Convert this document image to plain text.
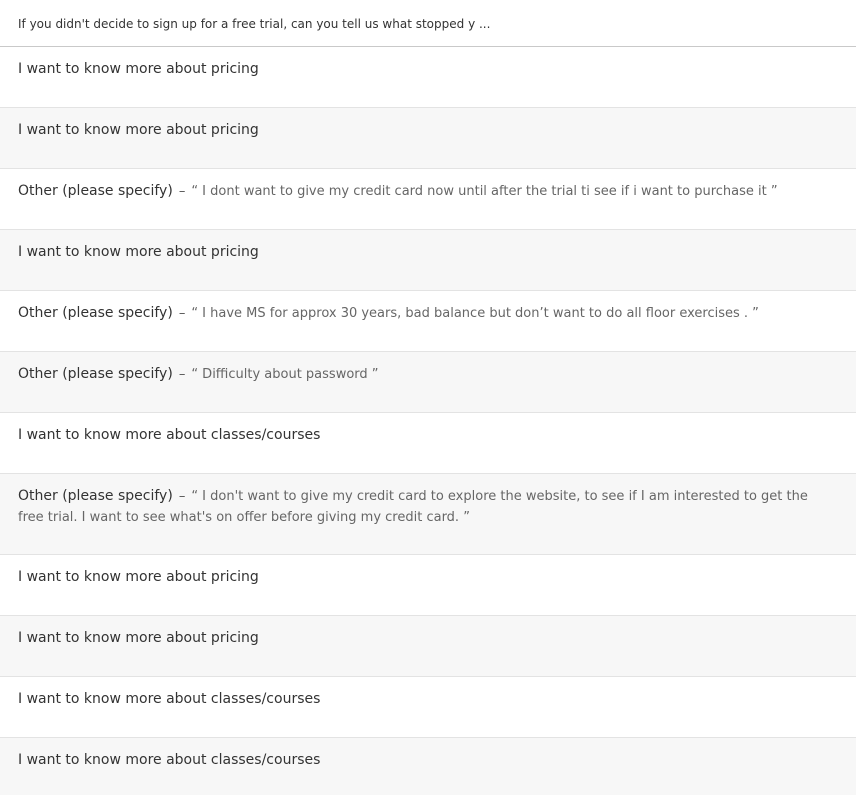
If you didn't decide to sign up for a free trial, can you tell us what stopped y ...
I want to know more about pricing
I want to know more about pricing
Other (please specify) – “ I dont want to give my credit card now until after the trial ti see if i want to purchase it ”
I want to know more about pricing
Other (please specify) – “ I have MS for approx 30 years, bad balance but don’t want to do all floor exercises . ”
Other (please specify) – “ Difficulty about password ”
I want to know more about classes/courses
Other (please specify) – “ I don't want to give my credit card to explore the website, to see if I am interested to get the free trial. I want to see what's on offer before giving my credit card. ”
I want to know more about pricing
I want to know more about pricing
I want to know more about classes/courses
I want to know more about classes/courses
